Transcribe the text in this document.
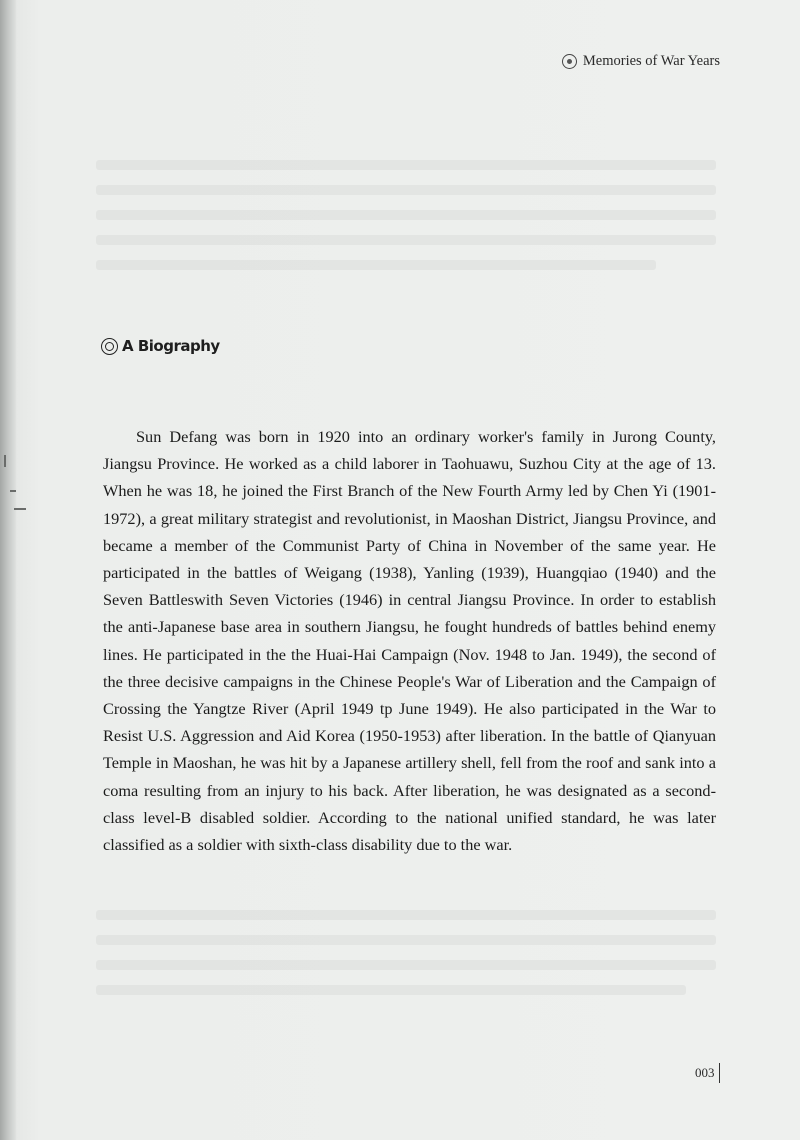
Memories of War Years
A Biography

Sun Defang was born in 1920 into an ordinary worker's family in Jurong County, Jiangsu Province. He worked as a child laborer in Taohuawu, Suzhou City at the age of 13. When he was 18, he joined the First Branch of the New Fourth Army led by Chen Yi (1901-1972), a great military strategist and revolutionist, in Maoshan District, Jiangsu Province, and became a member of the Communist Party of China in November of the same year. He participated in the battles of Weigang (1938), Yanling (1939), Huangqiao (1940) and the Seven Battleswith Seven Victories (1946) in central Jiangsu Province. In order to establish the anti-Japanese base area in southern Jiangsu, he fought hundreds of battles behind enemy lines. He participated in the the Huai-Hai Campaign (Nov. 1948 to Jan. 1949), the second of the three decisive campaigns in the Chinese People's War of Liberation and the Campaign of Crossing the Yangtze River (April 1949 tp June 1949). He also participated in the War to Resist U.S. Aggression and Aid Korea (1950-1953) after liberation. In the battle of Qianyuan Temple in Maoshan, he was hit by a Japanese artillery shell, fell from the roof and sank into a coma resulting from an injury to his back. After liberation, he was designated as a second-class level-B disabled soldier. According to the national unified standard, he was later classified as a soldier with sixth-class disability due to the war.

003
